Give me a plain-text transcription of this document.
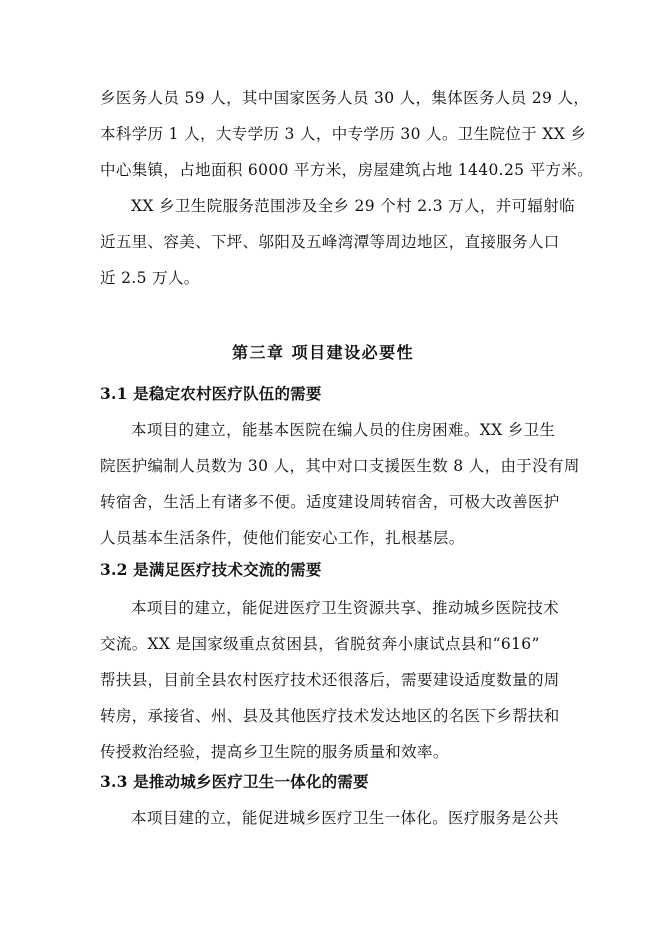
乡医务人员 59 人，其中国家医务人员 30 人，集体医务人员 29 人，
本科学历 1 人，大专学历 3 人，中专学历 30 人。卫生院位于 XX 乡
中心集镇，占地面积 6000 平方米，房屋建筑占地 1440.25 平方米。
XX 乡卫生院服务范围涉及全乡 29 个村 2.3 万人，并可辐射临
近五里、容美、下坪、邬阳及五峰湾潭等周边地区，直接服务人口
近 2.5 万人。
第三章 项目建设必要性
3.1 是稳定农村医疗队伍的需要
本项目的建立，能基本医院在编人员的住房困难。XX 乡卫生
院医护编制人员数为 30 人，其中对口支援医生数 8 人，由于没有周
转宿舍，生活上有诸多不便。适度建设周转宿舍，可极大改善医护
人员基本生活条件，使他们能安心工作，扎根基层。
3.2 是满足医疗技术交流的需要
本项目的建立，能促进医疗卫生资源共享、推动城乡医院技术
交流。XX 是国家级重点贫困县，省脱贫奔小康试点县和“616”
帮扶县，目前全县农村医疗技术还很落后，需要建设适度数量的周
转房，承接省、州、县及其他医疗技术发达地区的名医下乡帮扶和
传授救治经验，提高乡卫生院的服务质量和效率。
3.3 是推动城乡医疗卫生一体化的需要
本项目建的立，能促进城乡医疗卫生一体化。医疗服务是公共
